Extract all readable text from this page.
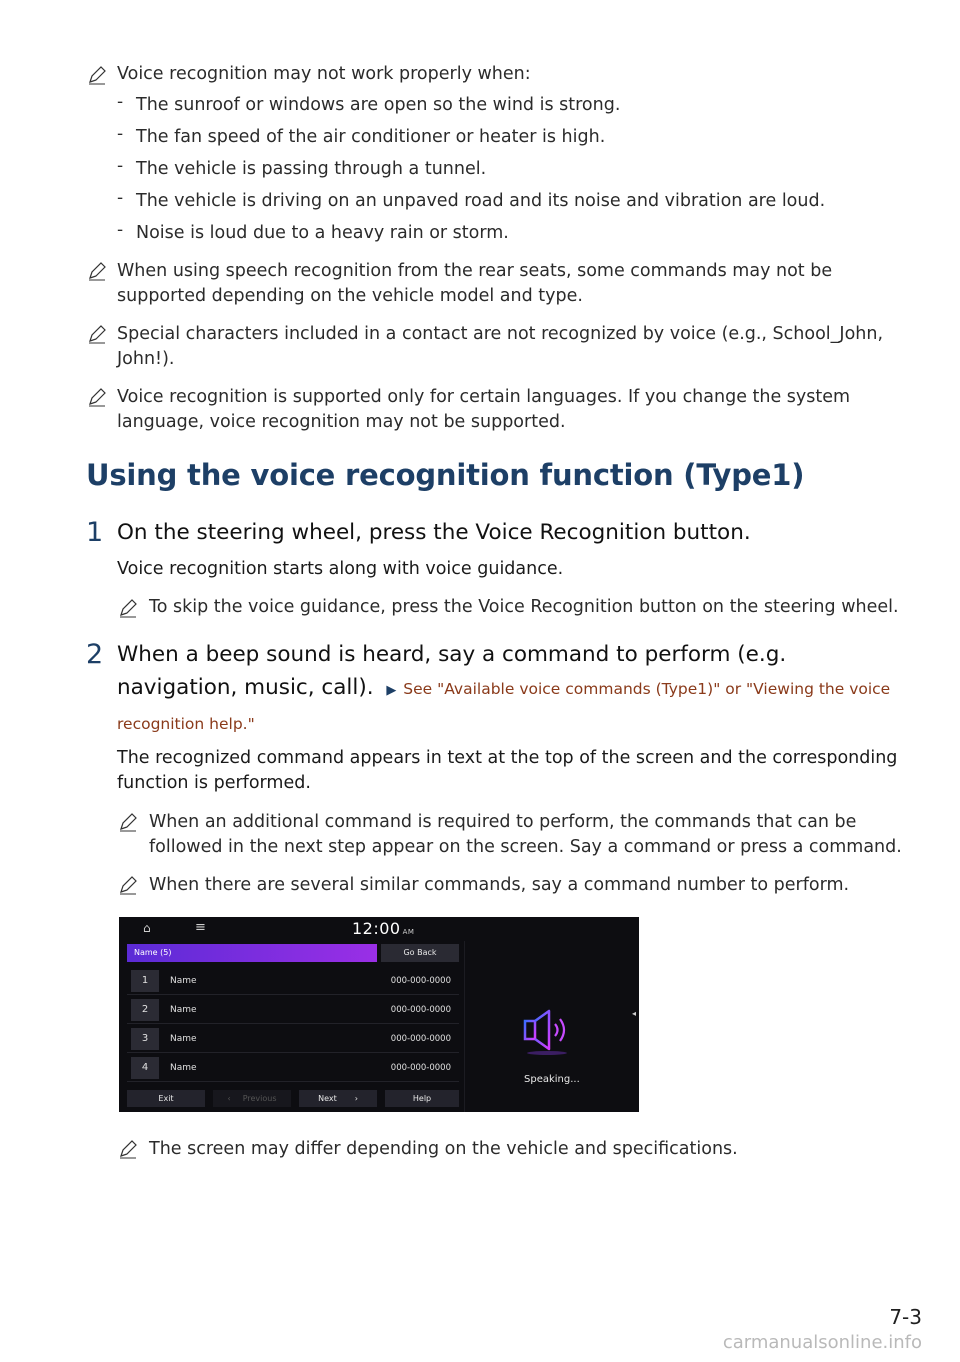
Voice recognition may not work properly when:
- The sunroof or windows are open so the wind is strong.
- The fan speed of the air conditioner or heater is high.
- The vehicle is passing through a tunnel.
- The vehicle is driving on an unpaved road and its noise and vibration are loud.
- Noise is loud due to a heavy rain or storm.
When using speech recognition from the rear seats, some commands may not be
supported depending on the vehicle model and type.
Special characters included in a contact are not recognized by voice (e.g., School_John,
John!).
Voice recognition is supported only for certain languages. If you change the system
language, voice recognition may not be supported.
Using the voice recognition function (Type1)
1 On the steering wheel, press the Voice Recognition button.
Voice recognition starts along with voice guidance.
To skip the voice guidance, press the Voice Recognition button on the steering wheel.
2 When a beep sound is heard, say a command to perform (e.g.
navigation, music, call). ▶ See "Available voice commands (Type1)" or "Viewing the voice
recognition help."
The recognized command appears in text at the top of the screen and the corresponding
function is performed.
When an additional command is required to perform, the commands that can be
followed in the next step appear on the screen. Say a command or press a command.
When there are several similar commands, say a command number to perform.
⌂	≡	12:00 AM
Name (5)	Go Back
1	Name	000-000-0000
2	Name	000-000-0000
3	Name	000-000-0000
4	Name	000-000-0000
Exit	‹ Previous	Next ›	Help
Speaking...
◂
The screen may differ depending on the vehicle and specifications.
7-3
carmanualsonline.info
